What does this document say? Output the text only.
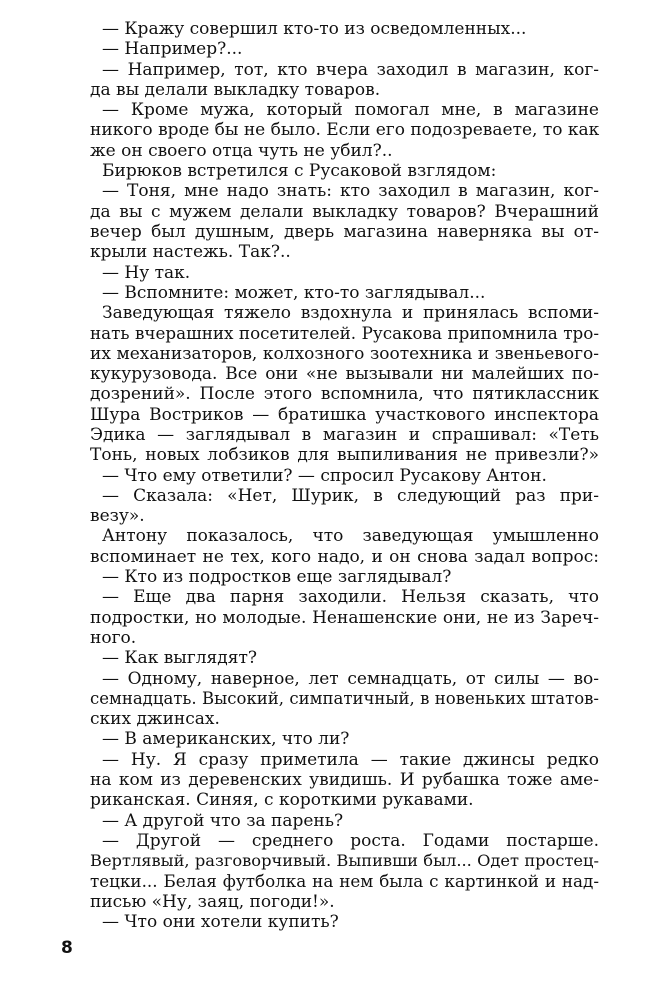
— Кражу совершил кто-то из осведомленных...
— Например?...
— Например, тот, кто вчера заходил в магазин, ког-
да вы делали выкладку товаров.
— Кроме мужа, который помогал мне, в магазине
никого вроде бы не было. Если его подозреваете, то как
же он своего отца чуть не убил?..
Бирюков встретился с Русаковой взглядом:
— Тоня, мне надо знать: кто заходил в магазин, ког-
да вы с мужем делали выкладку товаров? Вчерашний
вечер был душным, дверь магазина наверняка вы от-
крыли настежь. Так?..
— Ну так.
— Вспомните: может, кто-то заглядывал...
Заведующая тяжело вздохнула и принялась вспоми-
нать вчерашних посетителей. Русакова припомнила тро-
их механизаторов, колхозного зоотехника и звеньевого-
кукурузовода. Все они «не вызывали ни малейших по-
дозрений». После этого вспомнила, что пятиклассник
Шура Востриков — братишка участкового инспектора
Эдика — заглядывал в магазин и спрашивал: «Теть
Тонь, новых лобзиков для выпиливания не привезли?»
— Что ему ответили? — спросил Русакову Антон.
— Сказала: «Нет, Шурик, в следующий раз при-
везу».
Антону показалось, что заведующая умышленно
вспоминает не тех, кого надо, и он снова задал вопрос:
— Кто из подростков еще заглядывал?
— Еще два парня заходили. Нельзя сказать, что
подростки, но молодые. Ненашенские они, не из Зареч-
ного.
— Как выглядят?
— Одному, наверное, лет семнадцать, от силы — во-
семнадцать. Высокий, симпатичный, в новеньких штатов-
ских джинсах.
— В американских, что ли?
— Ну. Я сразу приметила — такие джинсы редко
на ком из деревенских увидишь. И рубашка тоже аме-
риканская. Синяя, с короткими рукавами.
— А другой что за парень?
— Другой — среднего роста. Годами постарше.
Вертлявый, разговорчивый. Выпивши был... Одет простец-
тецки... Белая футболка на нем была с картинкой и над-
писью «Ну, заяц, погоди!».
— Что они хотели купить?
8
